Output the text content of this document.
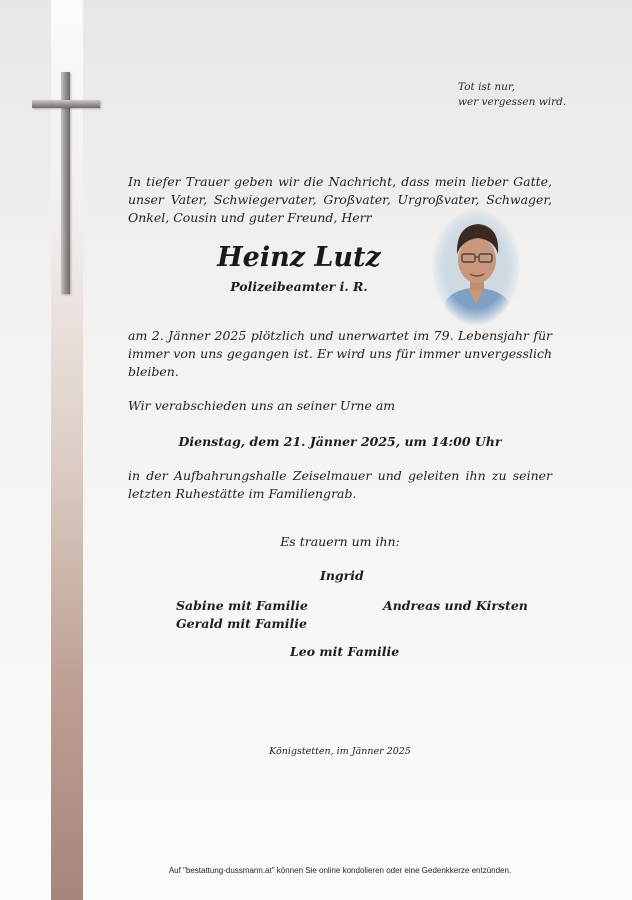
Tot ist nur,
wer vergessen wird.
In tiefer Trauer geben wir die Nachricht, dass mein lieber Gatte, unser Vater, Schwiegervater, Großvater, Urgroßvater, Schwager, Onkel, Cousin und guter Freund, Herr
Heinz Lutz
Polizeibeamter i. R.
am 2. Jänner 2025 plötzlich und unerwartet im 79. Lebensjahr für immer von uns gegangen ist. Er wird uns für immer unvergesslich bleiben.
Wir verabschieden uns an seiner Urne am
Dienstag, dem 21. Jänner 2025, um 14:00 Uhr
in der Aufbahrungshalle Zeiselmauer und geleiten ihn zu seiner letzten Ruhestätte im Familiengrab.
Es trauern um ihn:
Ingrid
Sabine mit Familie	Andreas und Kirsten
Gerald mit Familie
Leo mit Familie
Königstetten, im Jänner 2025
Auf "bestattung-dussmann.at" können Sie online kondolieren oder eine Gedenkkerze entzünden.
